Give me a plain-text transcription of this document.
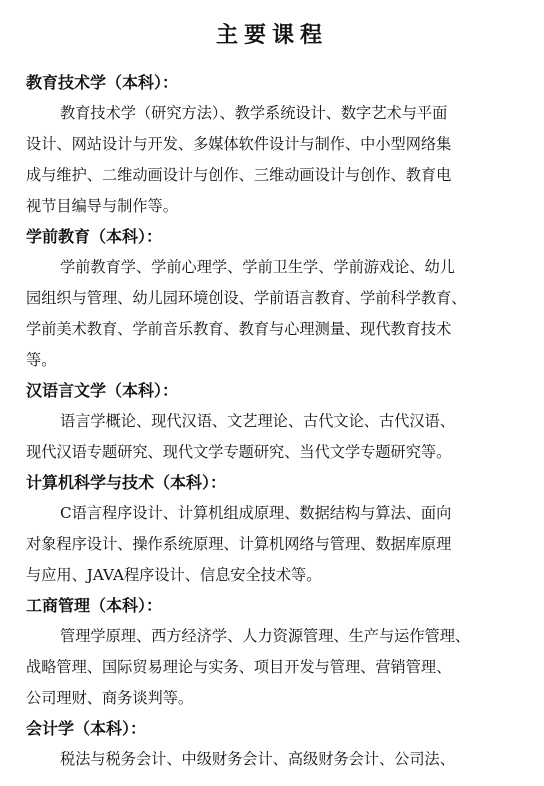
主要课程
教育技术学（本科）：
教育技术学（研究方法）、教学系统设计、数字艺术与平面
设计、网站设计与开发、多媒体软件设计与制作、中小型网络集
成与维护、二维动画设计与创作、三维动画设计与创作、教育电
视节目编导与制作等。
学前教育（本科）：
学前教育学、学前心理学、学前卫生学、学前游戏论、幼儿
园组织与管理、幼儿园环境创设、学前语言教育、学前科学教育、
学前美术教育、学前音乐教育、教育与心理测量、现代教育技术
等。
汉语言文学（本科）：
语言学概论、现代汉语、文艺理论、古代文论、古代汉语、
现代汉语专题研究、现代文学专题研究、当代文学专题研究等。
计算机科学与技术（本科）：
C语言程序设计、计算机组成原理、数据结构与算法、面向
对象程序设计、操作系统原理、计算机网络与管理、数据库原理
与应用、JAVA程序设计、信息安全技术等。
工商管理（本科）：
管理学原理、西方经济学、人力资源管理、生产与运作管理、
战略管理、国际贸易理论与实务、项目开发与管理、营销管理、
公司理财、商务谈判等。
会计学（本科）：
税法与税务会计、中级财务会计、高级财务会计、公司法、
